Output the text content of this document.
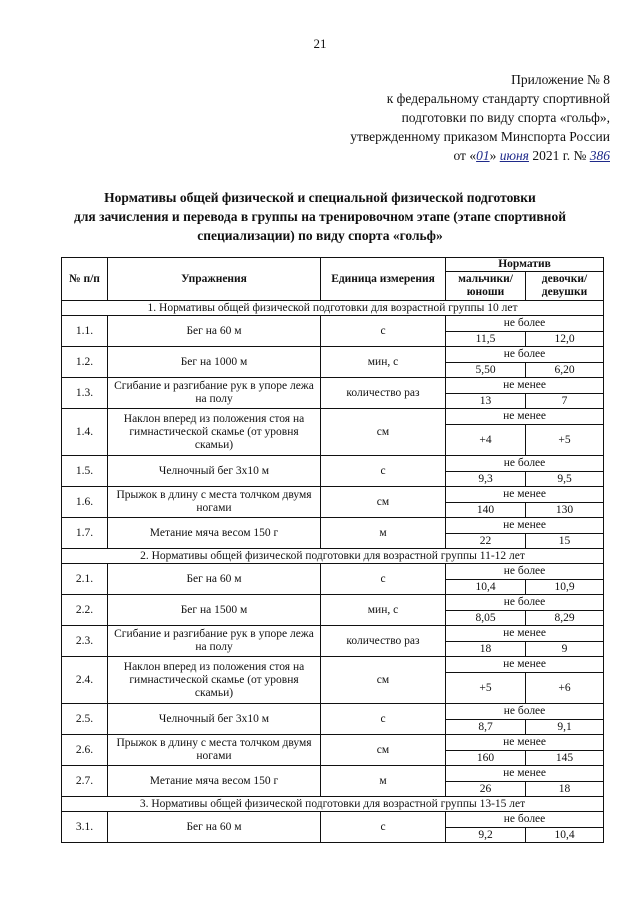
21
Приложение № 8
к федеральному стандарту спортивной
подготовки по виду спорта «гольф»,
утвержденному приказом Минспорта России
от «01» июня 2021 г. № 386
Нормативы общей физической и специальной физической подготовки
для зачисления и перевода в группы на тренировочном этапе (этапе спортивной
специализации) по виду спорта «гольф»
№ п/п	Упражнения	Единица измерения	Норматив	
			мальчики/ юноши	девочки/ девушки
1. Нормативы общей физической подготовки для возрастной группы 10 лет				
1.1.	Бег на 60 м	с	не более	
			11,5	12,0
1.2.	Бег на 1000 м	мин, с	не более	
			5,50	6,20
1.3.	Сгибание и разгибание рук в упоре лежа на полу	количество раз	не менее	
			13	7
1.4.	Наклон вперед из положения стоя на гимнастической скамье (от уровня скамьи)	см	не менее	
			+4	+5
1.5.	Челночный бег 3x10 м	с	не более	
			9,3	9,5
1.6.	Прыжок в длину с места толчком двумя ногами	см	не менее	
			140	130
1.7.	Метание мяча весом 150 г	м	не менее	
			22	15
2. Нормативы общей физической подготовки для возрастной группы 11-12 лет				
2.1.	Бег на 60 м	с	не более	
			10,4	10,9
2.2.	Бег на 1500 м	мин, с	не более	
			8,05	8,29
2.3.	Сгибание и разгибание рук в упоре лежа на полу	количество раз	не менее	
			18	9
2.4.	Наклон вперед из положения стоя на гимнастической скамье (от уровня скамьи)	см	не менее	
			+5	+6
2.5.	Челночный бег 3x10 м	с	не более	
			8,7	9,1
2.6.	Прыжок в длину с места толчком двумя ногами	см	не менее	
			160	145
2.7.	Метание мяча весом 150 г	м	не менее	
			26	18
3. Нормативы общей физической подготовки для возрастной группы 13-15 лет				
3.1.	Бег на 60 м	с	не более	
			9,2	10,4
